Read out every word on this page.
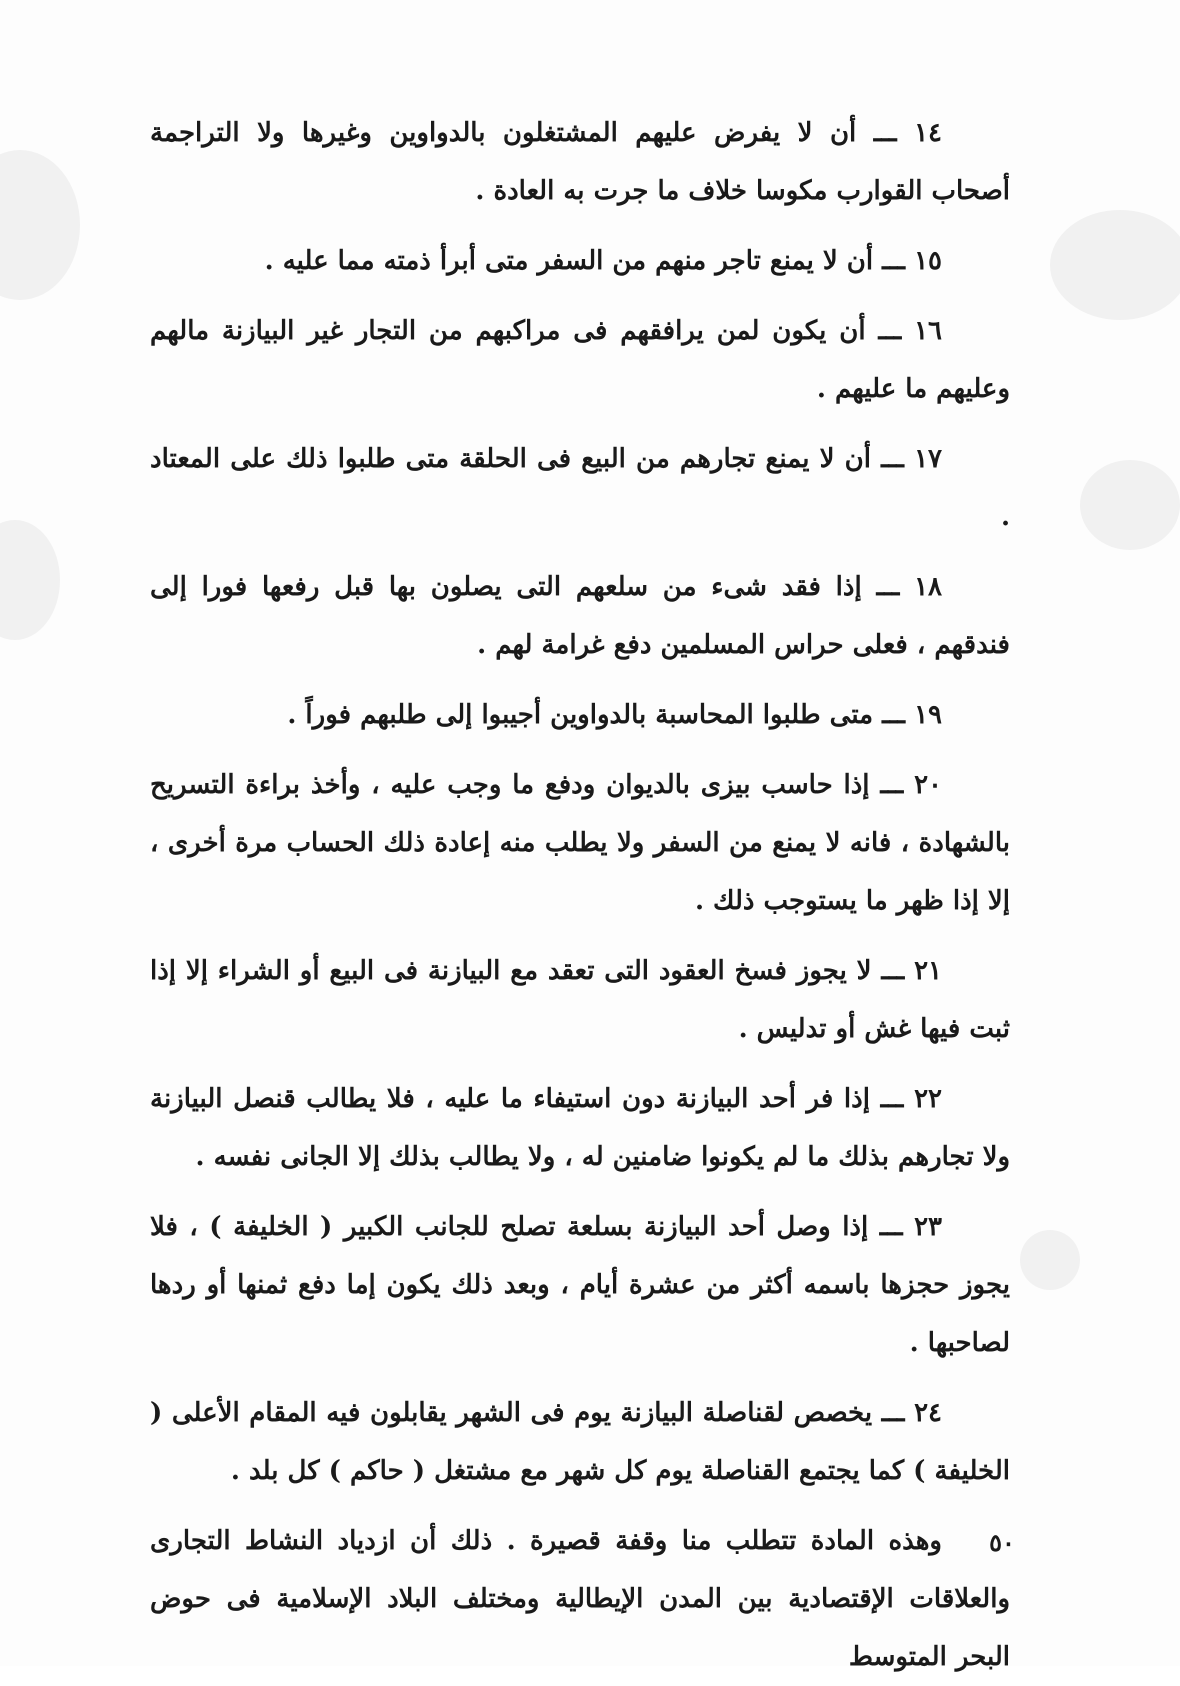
١٤ ـــ أن لا يفرض عليهم المشتغلون بالدواوين وغيرها ولا التراجمة أصحاب القوارب مكوسا خلاف ما جرت به العادة .

١٥ ـــ أن لا يمنع تاجر منهم من السفر متى أبرأ ذمته مما عليه .

١٦ ـــ أن يكون لمن يرافقهم فى مراكبهم من التجار غير البيازنة مالهم وعليهم ما عليهم .

١٧ ـــ أن لا يمنع تجارهم من البيع فى الحلقة متى طلبوا ذلك على المعتاد .

١٨ ـــ إذا فقد شىء من سلعهم التى يصلون بها قبل رفعها فورا إلى فندقهم ، فعلى حراس المسلمين دفع غرامة لهم .

١٩ ـــ متى طلبوا المحاسبة بالدواوين أجيبوا إلى طلبهم فوراً .

٢٠ ـــ إذا حاسب بيزى بالديوان ودفع ما وجب عليه ، وأخذ براءة التسريح بالشهادة ، فانه لا يمنع من السفر ولا يطلب منه إعادة ذلك الحساب مرة أخرى ، إلا إذا ظهر ما يستوجب ذلك .

٢١ ـــ لا يجوز فسخ العقود التى تعقد مع البيازنة فى البيع أو الشراء إلا إذا ثبت فيها غش أو تدليس .

٢٢ ـــ إذا فر أحد البيازنة دون استيفاء ما عليه ، فلا يطالب قنصل البيازنة ولا تجارهم بذلك ما لم يكونوا ضامنين له ، ولا يطالب بذلك إلا الجانى نفسه .

٢٣ ـــ إذا وصل أحد البيازنة بسلعة تصلح للجانب الكبير ( الخليفة ) ، فلا يجوز حجزها باسمه أكثر من عشرة أيام ، وبعد ذلك يكون إما دفع ثمنها أو ردها لصاحبها .

٢٤ ـــ يخصص لقناصلة البيازنة يوم فى الشهر يقابلون فيه المقام الأعلى ( الخليفة ) كما يجتمع القناصلة يوم كل شهر مع مشتغل ( حاكم ) كل بلد .

وهذه المادة تتطلب منا وقفة قصيرة . ذلك أن ازدياد النشاط التجارى والعلاقات الإقتصادية بين المدن الإيطالية ومختلف البلاد الإسلامية فى حوض البحر المتوسط

٥٠
